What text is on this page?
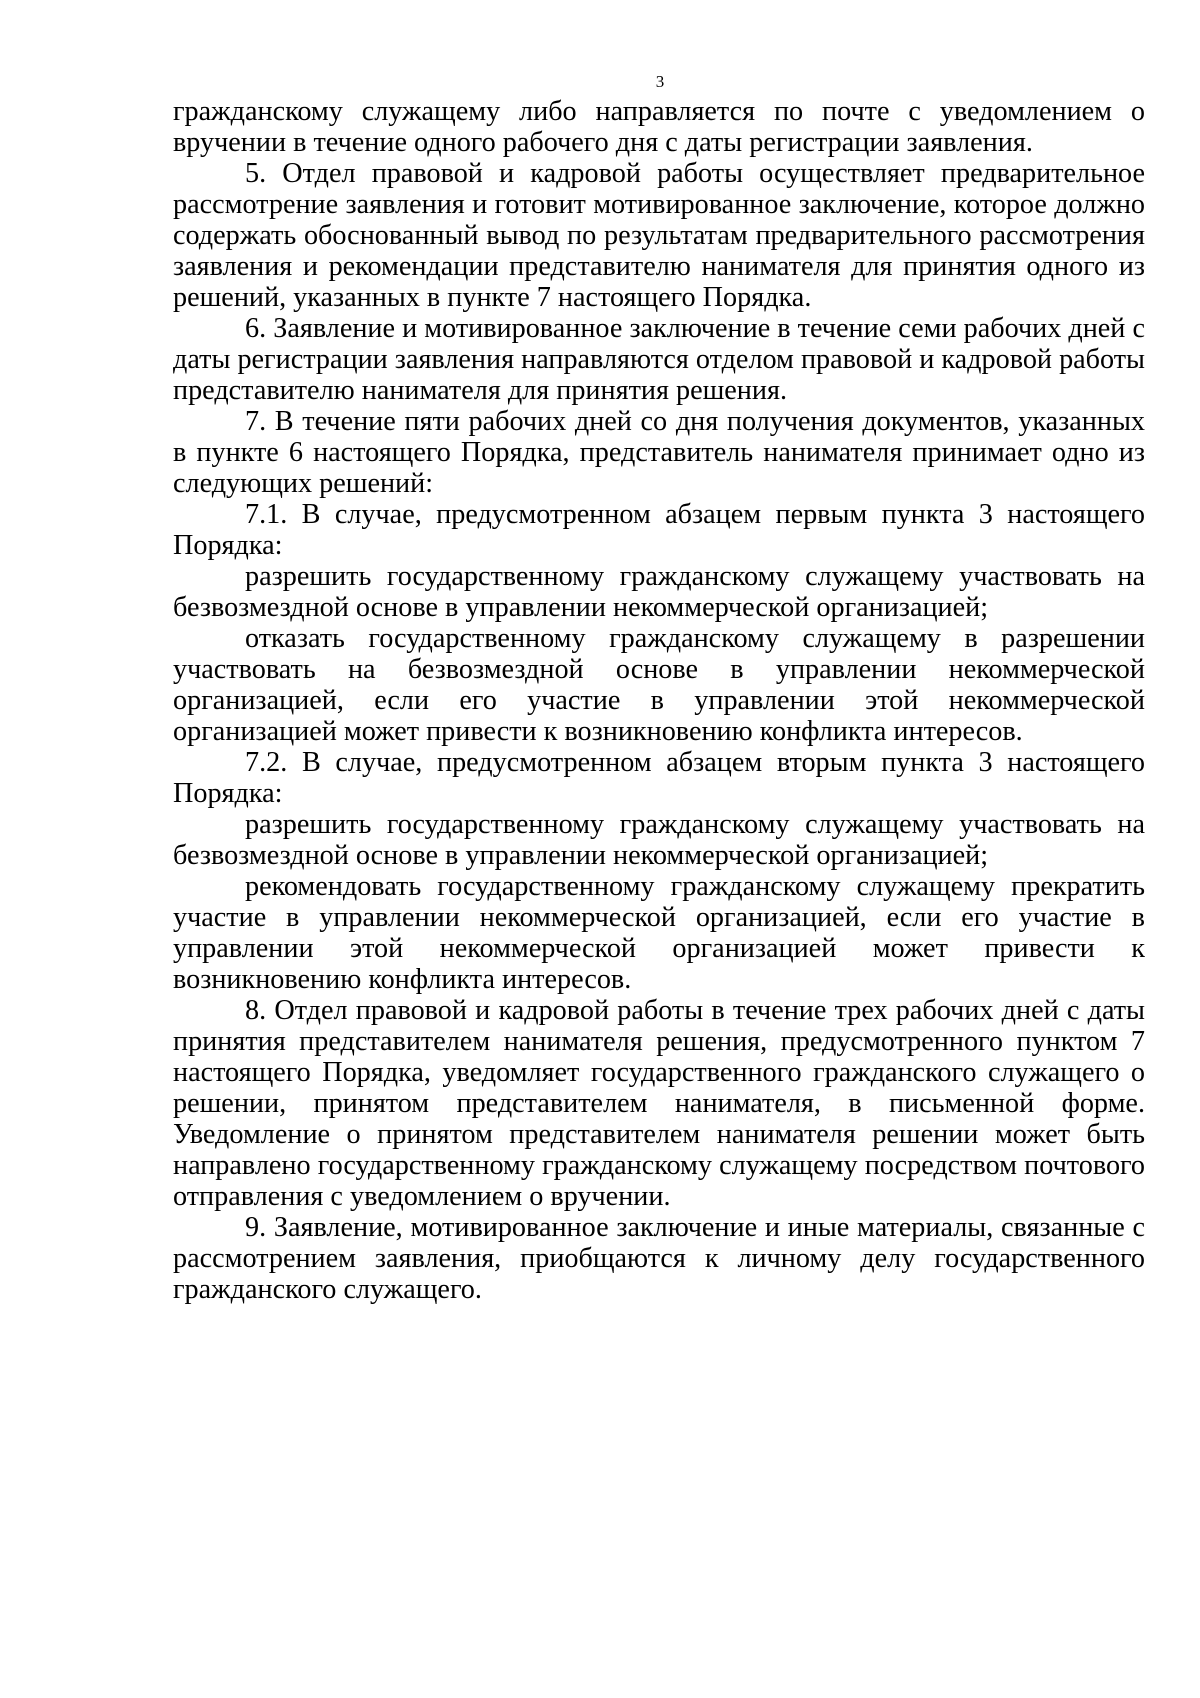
3

гражданскому служащему либо направляется по почте с уведомлением о вручении в течение одного рабочего дня с даты регистрации заявления.

5. Отдел правовой и кадровой работы осуществляет предварительное рассмотрение заявления и готовит мотивированное заключение, которое должно содержать обоснованный вывод по результатам предварительного рассмотрения заявления и рекомендации представителю нанимателя для принятия одного из решений, указанных в пункте 7 настоящего Порядка.

6. Заявление и мотивированное заключение в течение семи рабочих дней с даты регистрации заявления направляются отделом правовой и кадровой работы представителю нанимателя для принятия решения.

7. В течение пяти рабочих дней со дня получения документов, указанных в пункте 6 настоящего Порядка, представитель нанимателя принимает одно из следующих решений:

7.1. В случае, предусмотренном абзацем первым пункта 3 настоящего Порядка:

разрешить государственному гражданскому служащему участвовать на безвозмездной основе в управлении некоммерческой организацией;

отказать государственному гражданскому служащему в разрешении участвовать на безвозмездной основе в управлении некоммерческой организацией, если его участие в управлении этой некоммерческой организацией может привести к возникновению конфликта интересов.

7.2. В случае, предусмотренном абзацем вторым пункта 3 настоящего Порядка:

разрешить государственному гражданскому служащему участвовать на безвозмездной основе в управлении некоммерческой организацией;

рекомендовать государственному гражданскому служащему прекратить участие в управлении некоммерческой организацией, если его участие в управлении этой некоммерческой организацией может привести к возникновению конфликта интересов.

8. Отдел правовой и кадровой работы в течение трех рабочих дней с даты принятия представителем нанимателя решения, предусмотренного пунктом 7 настоящего Порядка, уведомляет государственного гражданского служащего о решении, принятом представителем нанимателя, в письменной форме. Уведомление о принятом представителем нанимателя решении может быть направлено государственному гражданскому служащему посредством почтового отправления с уведомлением о вручении.

9. Заявление, мотивированное заключение и иные материалы, связанные с рассмотрением заявления, приобщаются к личному делу государственного гражданского служащего.
